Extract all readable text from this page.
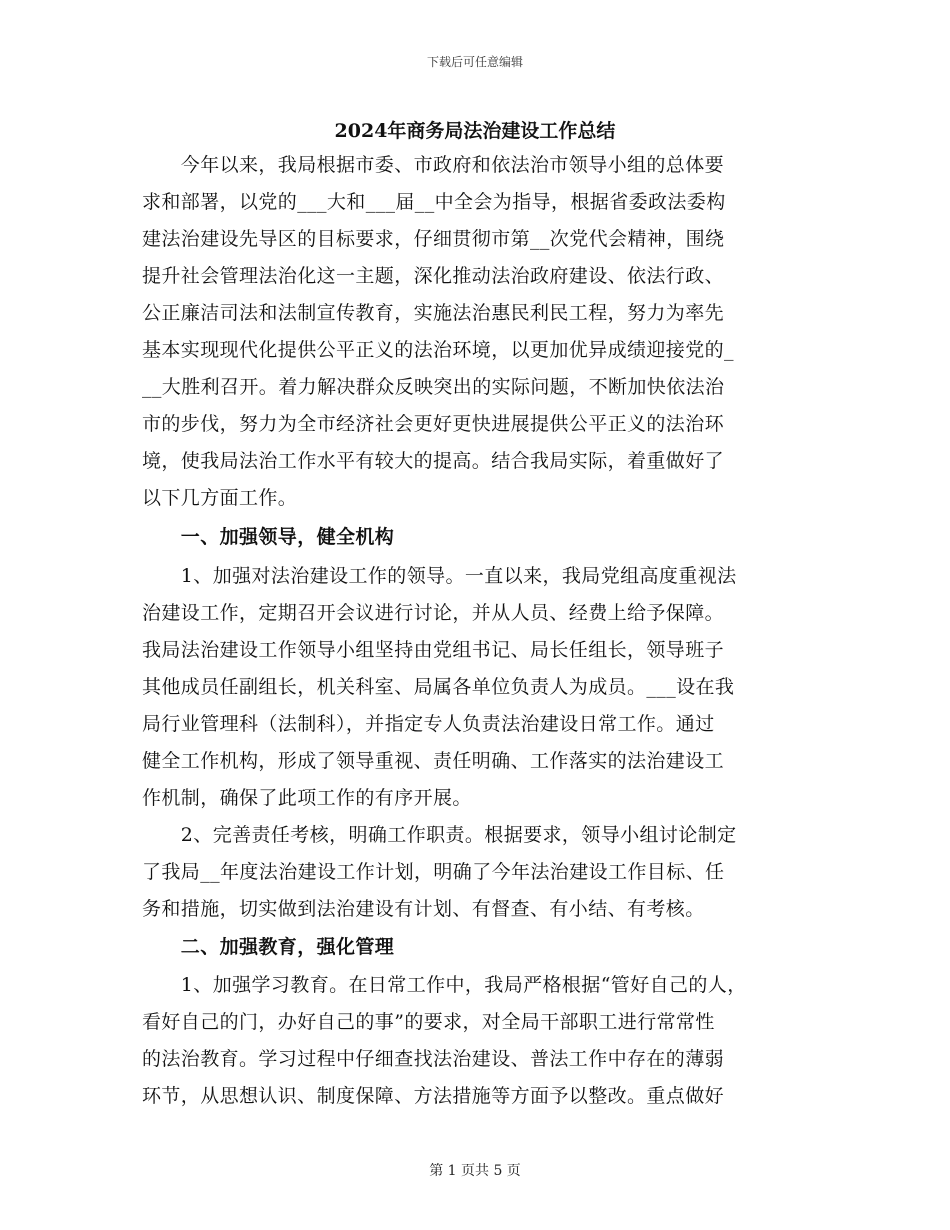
下载后可任意编辑
2024年商务局法治建设工作总结
　　今年以来，我局根据市委、市政府和依法治市领导小组的总体要
求和部署，以党的___大和___届__中全会为指导，根据省委政法委构
建法治建设先导区的目标要求，仔细贯彻市第__次党代会精神，围绕
提升社会管理法治化这一主题，深化推动法治政府建设、依法行政、
公正廉洁司法和法制宣传教育，实施法治惠民利民工程，努力为率先
基本实现现代化提供公平正义的法治环境，以更加优异成绩迎接党的_
__大胜利召开。着力解决群众反映突出的实际问题，不断加快依法治
市的步伐，努力为全市经济社会更好更快进展提供公平正义的法治环
境，使我局法治工作水平有较大的提高。结合我局实际，着重做好了
以下几方面工作。
　　一、加强领导，健全机构
　　1、加强对法治建设工作的领导。一直以来，我局党组高度重视法
治建设工作，定期召开会议进行讨论，并从人员、经费上给予保障。
我局法治建设工作领导小组坚持由党组书记、局长任组长，领导班子
其他成员任副组长，机关科室、局属各单位负责人为成员。___设在我
局行业管理科（法制科），并指定专人负责法治建设日常工作。通过
健全工作机构，形成了领导重视、责任明确、工作落实的法治建设工
作机制，确保了此项工作的有序开展。
　　2、完善责任考核，明确工作职责。根据要求，领导小组讨论制定
了我局__年度法治建设工作计划，明确了今年法治建设工作目标、任
务和措施，切实做到法治建设有计划、有督查、有小结、有考核。
　　二、加强教育，强化管理
　　1、加强学习教育。在日常工作中，我局严格根据“管好自己的人，
看好自己的门，办好自己的事”的要求，对全局干部职工进行常常性
的法治教育。学习过程中仔细查找法治建设、普法工作中存在的薄弱
环节，从思想认识、制度保障、方法措施等方面予以整改。重点做好
第 1 页共 5 页
